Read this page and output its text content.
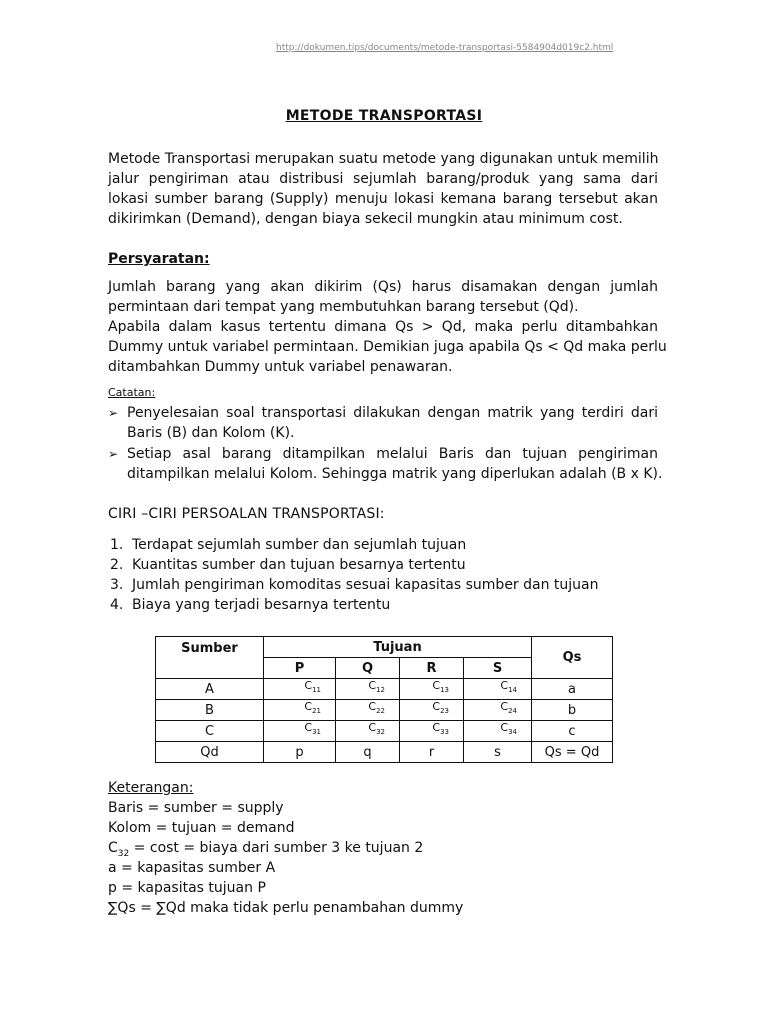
http://dokumen.tips/documents/metode-transportasi-5584904d019c2.html
METODE TRANSPORTASI
Metode Transportasi merupakan suatu metode yang digunakan untuk memilih
jalur pengiriman atau distribusi sejumlah barang/produk yang sama dari
lokasi sumber barang (Supply) menuju lokasi kemana barang tersebut akan
dikirimkan (Demand), dengan biaya sekecil mungkin atau minimum cost.
Persyaratan:
Jumlah barang yang akan dikirim (Qs) harus disamakan dengan jumlah
permintaan dari tempat yang membutuhkan barang tersebut (Qd).
Apabila dalam kasus tertentu dimana Qs > Qd, maka perlu ditambahkan
Dummy untuk variabel permintaan. Demikian juga apabila Qs < Qd maka perlu
ditambahkan Dummy untuk variabel penawaran.
Catatan:
➢ Penyelesaian soal transportasi dilakukan dengan matrik yang terdiri dari
Baris (B) dan Kolom (K).
➢ Setiap asal barang ditampilkan melalui Baris dan tujuan pengiriman
ditampilkan melalui Kolom. Sehingga matrik yang diperlukan adalah (B x K).
CIRI –CIRI PERSOALAN TRANSPORTASI:
1. Terdapat sejumlah sumber dan sejumlah tujuan
2. Kuantitas sumber dan tujuan besarnya tertentu
3. Jumlah pengiriman komoditas sesuai kapasitas sumber dan tujuan
4. Biaya yang terjadi besarnya tertentu
Sumber	Tujuan				Qs
	P	Q	R	S	
A	$C_{11}$	$C_{12}$	$C_{13}$	$C_{14}$	a
B	$C_{21}$	$C_{22}$	$C_{23}$	$C_{24}$	b
C	$C_{31}$	$C_{32}$	$C_{33}$	$C_{34}$	c
Qd	p	q	r	s	Qs = Qd
Keterangan:
Baris = sumber = supply
Kolom = tujuan = demand
$C_{32} = \cos t$ = biaya dari sumber 3 ke tujuan 2
a = kapasitas sumber A
p = kapasitas tujuan P
∑Qs = ∑Qd maka tidak perlu penambahan dummy
